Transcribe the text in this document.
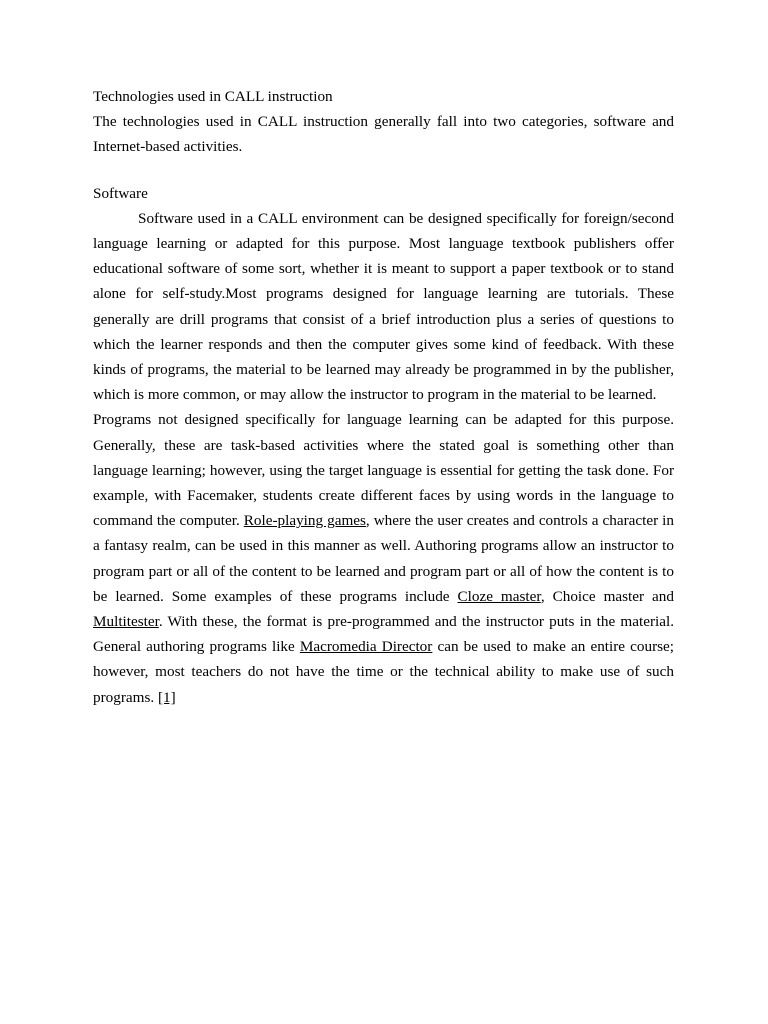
Technologies used in CALL instruction

The technologies used in CALL instruction generally fall into two categories, software and Internet-based activities.

Software

Software used in a CALL environment can be designed specifically for foreign/second language learning or adapted for this purpose. Most language textbook publishers offer educational software of some sort, whether it is meant to support a paper textbook or to stand alone for self-study.Most programs designed for language learning are tutorials. These generally are drill programs that consist of a brief introduction plus a series of questions to which the learner responds and then the computer gives some kind of feedback. With these kinds of programs, the material to be learned may already be programmed in by the publisher, which is more common, or may allow the instructor to program in the material to be learned.

Programs not designed specifically for language learning can be adapted for this purpose. Generally, these are task-based activities where the stated goal is something other than language learning; however, using the target language is essential for getting the task done. For example, with Facemaker, students create different faces by using words in the language to command the computer. Role-playing games, where the user creates and controls a character in a fantasy realm, can be used in this manner as well. Authoring programs allow an instructor to program part or all of the content to be learned and program part or all of how the content is to be learned. Some examples of these programs include Cloze master, Choice master and Multitester. With these, the format is pre-programmed and the instructor puts in the material. General authoring programs like Macromedia Director can be used to make an entire course; however, most teachers do not have the time or the technical ability to make use of such programs. [1]
